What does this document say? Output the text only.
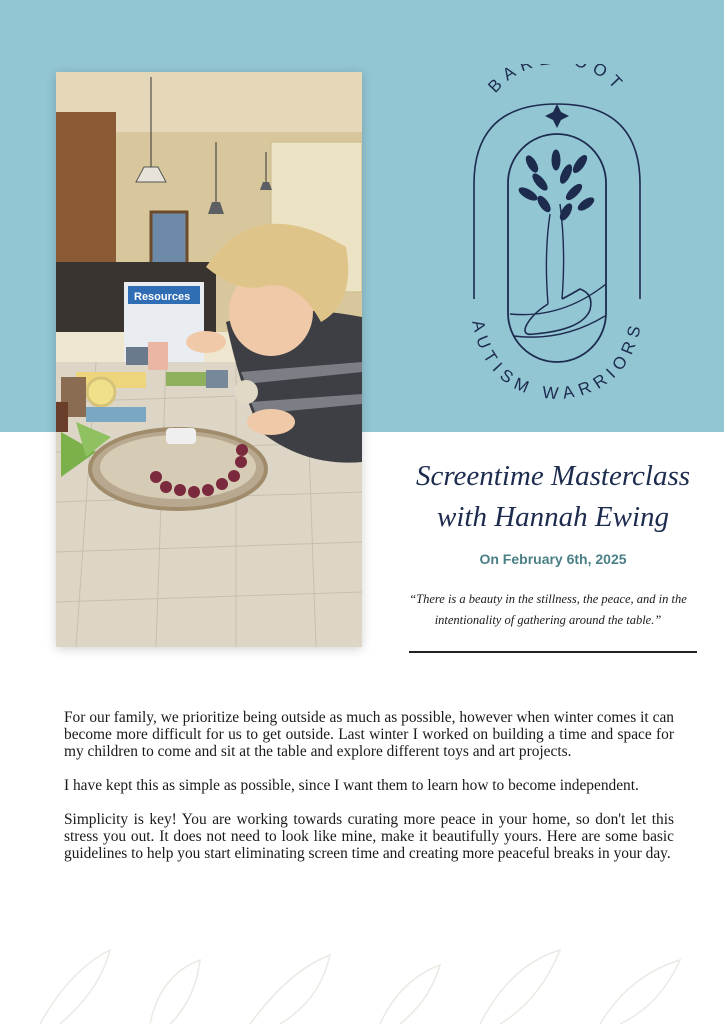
Resources
BA OT
AUTISM WARRIORS
Screentime Masterclass
with Hannah Ewing
On February 6th, 2025
“There is a beauty in the stillness, the peace, and in the intentionality of gathering around the table.”

For our family, we prioritize being outside as much as possible, however when winter comes it can become more difficult for us to get outside. Last winter I worked on building a time and space for my children to come and sit at the table and explore different toys and art projects.

I have kept this as simple as possible, since I want them to learn how to become independent.

Simplicity is key! You are working towards curating more peace in your home, so don't let this stress you out. It does not need to look like mine, make it beautifully yours. Here are some basic guidelines to help you start eliminating screen time and creating more peaceful breaks in your day.
